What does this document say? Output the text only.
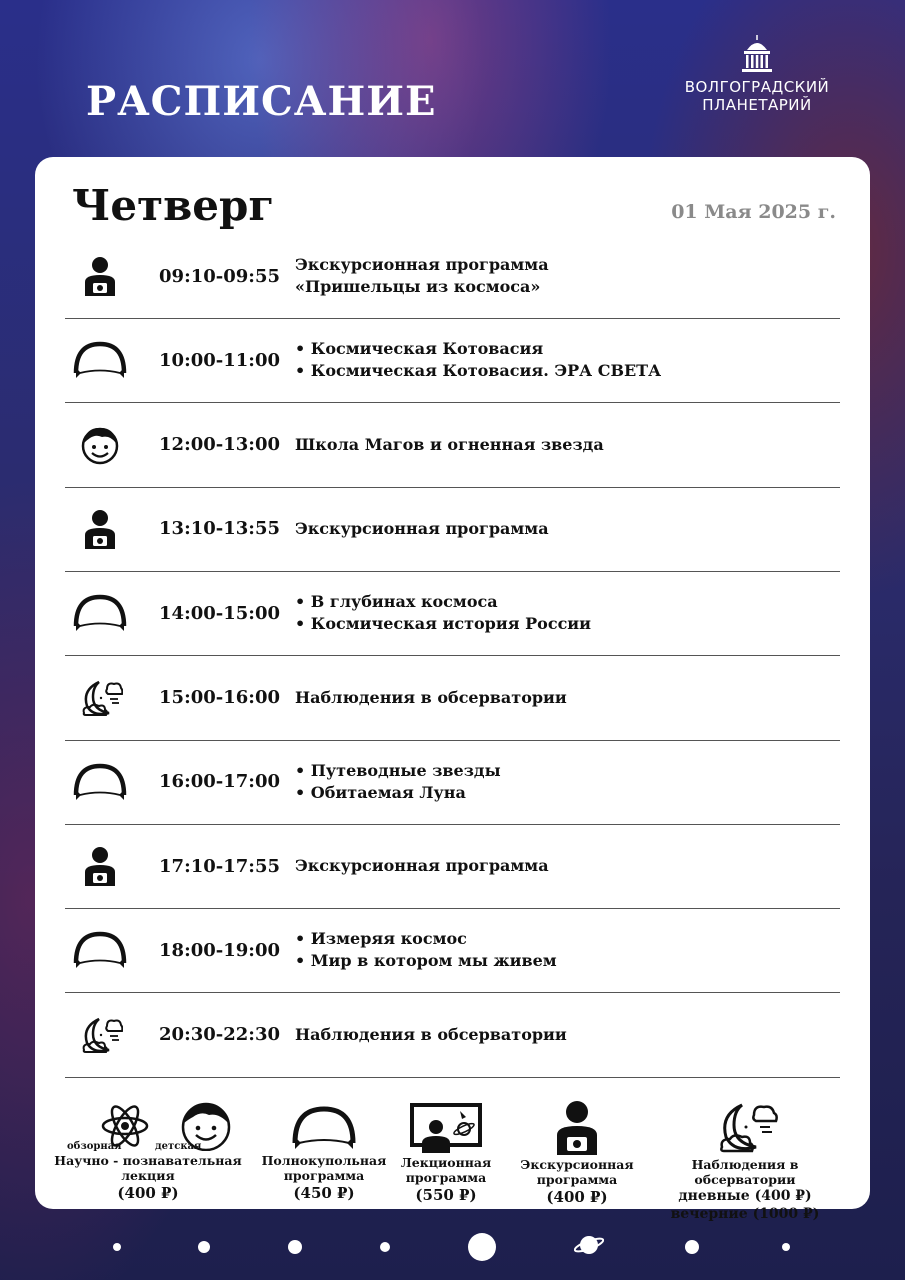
РАСПИСАНИЕ	ВОЛГОГРАДСКИЙ
ПЛАНЕТАРИЙ
Четверг	01 Мая 2025 г.
09:10-09:55
Экскурсионная программа
«Пришельцы из космоса»
10:00-11:00
• Космическая Котовасия
• Космическая Котовасия. ЭРА СВЕТА
12:00-13:00 Школа Магов и огненная звезда
13:10-13:55 Экскурсионная программа
14:00-15:00
• В глубинах космоса
• Космическая история России
15:00-16:00 Наблюдения в обсерватории
16:00-17:00
• Путеводные звезды
• Обитаемая Луна
17:10-17:55 Экскурсионная программа
18:00-19:00
• Измеряя космос
• Мир в котором мы живем
20:30-22:30 Наблюдения в обсерватории
обзорная	детская
Научно - познавательная
лекция
(400 ₽)
Полнокупольная
программа
(450 ₽)
Лекционная
программа
(550 ₽)
Экскурсионная
программа
(400 ₽)
Наблюдения в обсерватории
дневные (400 ₽)
вечерние (1000 ₽)
